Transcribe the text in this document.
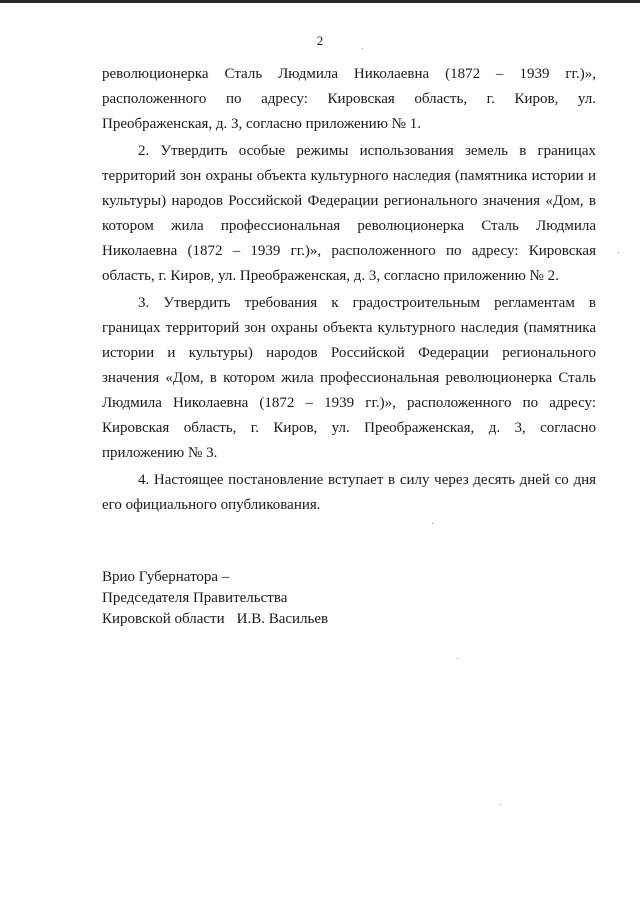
2

революционерка Сталь Людмила Николаевна (1872 – 1939 гг.)», расположенного по адресу: Кировская область, г. Киров, ул. Преображенская, д. 3, согласно приложению № 1.

2. Утвердить особые режимы использования земель в границах территорий зон охраны объекта культурного наследия (памятника истории и культуры) народов Российской Федерации регионального значения «Дом, в котором жила профессиональная революционерка Сталь Людмила Николаевна (1872 – 1939 гг.)», расположенного по адресу: Кировская область, г. Киров, ул. Преображенская, д. 3, согласно приложению № 2.

3. Утвердить требования к градостроительным регламентам в границах территорий зон охраны объекта культурного наследия (памятника истории и культуры) народов Российской Федерации регионального значения «Дом, в котором жила профессиональная революционерка Сталь Людмила Николаевна (1872 – 1939 гг.)», расположенного по адресу: Кировская область, г. Киров, ул. Преображенская, д. 3, согласно приложению № 3.

4. Настоящее постановление вступает в силу через десять дней со дня его официального опубликования.

Врио Губернатора –
Председателя Правительства
Кировской области И.В. Васильев
